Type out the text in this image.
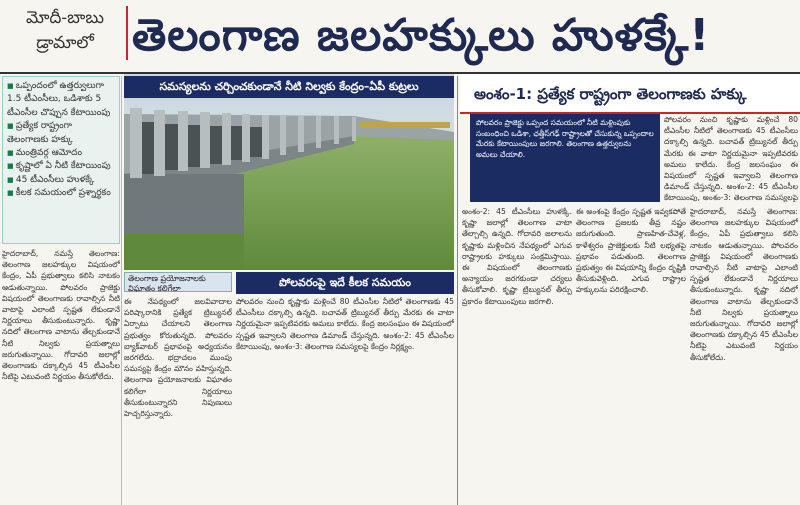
మోదీ-బాబు డ్రామాలో తెలంగాణ జలహక్కులు హుళక్కే!
■ ఒప్పందంలో ఉత్తర్వులుగా 1.5 టీఎంసీలు, ఒడిశాకు 5 టీఎంసీల చొప్పున కేటాయింపు
■ ప్రత్యేక రాష్ట్రంగా తెలంగాణకు హక్కు
■ మంత్రివర్గ ఆమోదం
■ కృష్ణాలో ఏ నీటి కేటాయింపు
■ 45 టీఎంసీలు హుళక్కే
■ కీలక సమయంలో ప్రశ్నార్థకం
సమస్యలను చర్చించకుండానే నీటి నిల్వకు కేంద్రం–ఏపీ కుట్రలు
తెలంగాణ ప్రయోజనాలకు విఘాతం కలిగేలా	పోలవరంపై ఇదే కీలక సమయం
అంశం-1: ప్రత్యేక రాష్ట్రంగా తెలంగాణకు హక్కు
పోలవరం ప్రాజెక్టు ఒప్పంద సమయంలో నీటి మళ్లింపుకు సంబంధించి ఒడిశా, ఛత్తీస్‌గఢ్ రాష్ట్రాలతో చేసుకున్న ఒప్పందాల మేరకు కేటాయింపులు జరగాలి. తెలంగాణ ఉత్తర్వులను అమలు చేయాలి.
హైదరాబాద్, నమస్తే తెలంగాణ: తెలంగాణ జలహక్కుల విషయంలో కేంద్రం, ఏపీ ప్రభుత్వాలు కలిసి నాటకం ఆడుతున్నాయి. పోలవరం ప్రాజెక్టు విషయంలో తెలంగాణకు రావాల్సిన నీటి వాటాపై ఎలాంటి స్పష్టత లేకుండానే నిర్ణయాలు తీసుకుంటున్నారు. కృష్ణా నదిలో తెలంగాణ వాటాను తేల్చకుండానే నీటి నిల్వకు ప్రయత్నాలు జరుగుతున్నాయి. గోదావరి జలాల్లో తెలంగాణకు దక్కాల్సిన 45 టీఎంసీల నీటిపై ఎటువంటి నిర్ణయం తీసుకోలేదు.
ఈ నేపథ్యంలో జలవివాదాల పరిష్కారానికి ప్రత్యేక ట్రిబ్యునల్ ఏర్పాటు చేయాలని తెలంగాణ ప్రభుత్వం కోరుతున్నది. పోలవరం బ్యాక్‌వాటర్ ప్రభావంపై అధ్యయనం జరగలేదు. భద్రాచలం ముంపు సమస్యపై కేంద్రం మౌనం వహిస్తున్నది. తెలంగాణ ప్రయోజనాలకు విఘాతం కలిగేలా నిర్ణయాలు తీసుకుంటున్నారని నిపుణులు హెచ్చరిస్తున్నారు.
పోలవరం నుంచి కృష్ణాకు మళ్లించే 80 టీఎంసీల నీటిలో తెలంగాణకు 45 టీఎంసీలు దక్కాల్సి ఉన్నది. బచావత్ ట్రిబ్యునల్ తీర్పు మేరకు ఈ వాటా నిర్ణయమైనా ఇప్పటివరకు అమలు కాలేదు. కేంద్ర జలసంఘం ఈ విషయంలో స్పష్టత ఇవ్వాలని తెలంగాణ డిమాండ్ చేస్తున్నది. అంశం-2: 45 టీఎంసీల కేటాయింపు, అంశం-3: తెలంగాణ సమస్యలపై కేంద్రం నిర్లక్ష్యం.
అంశం-2: 45 టీఎంసీలు హుళక్కే. కృష్ణా జలాల్లో తెలంగాణ వాటా తేల్చాల్సి ఉన్నది. గోదావరి జలాలను కృష్ణాకు మళ్లించిన నేపథ్యంలో ఎగువ రాష్ట్రాలకు హక్కులు సంక్రమిస్తాయి. ఈ విషయంలో తెలంగాణకు అన్యాయం జరగకుండా చర్యలు తీసుకోవాలి. కృష్ణా ట్రిబ్యునల్ తీర్పు ప్రకారం కేటాయింపులు జరగాలి.
ఈ అంశంపై కేంద్రం స్పష్టత ఇవ్వకపోతే తెలంగాణ ప్రజలకు తీవ్ర నష్టం జరుగుతుంది. ప్రాణహిత-చేవెళ్ల, కాళేశ్వరం ప్రాజెక్టులకు నీటి లభ్యతపై ప్రభావం పడుతుంది. తెలంగాణ ప్రభుత్వం ఈ విషయాన్ని కేంద్రం దృష్టికి తీసుకువెళ్లింది. ఎగువ రాష్ట్రాల హక్కులను పరిరక్షించాలి.
పోలవరం నుంచి కృష్ణాకు మళ్లించే 80 టీఎంసీల నీటిలో తెలంగాణకు 45 టీఎంసీలు దక్కాల్సి ఉన్నది. బచావత్ ట్రిబ్యునల్ తీర్పు మేరకు ఈ వాటా నిర్ణయమైనా ఇప్పటివరకు అమలు కాలేదు. కేంద్ర జలసంఘం ఈ విషయంలో స్పష్టత ఇవ్వాలని తెలంగాణ డిమాండ్ చేస్తున్నది. అంశం-2: 45 టీఎంసీల కేటాయింపు, అంశం-3: తెలంగాణ సమస్యలపై
హైదరాబాద్, నమస్తే తెలంగాణ: తెలంగాణ జలహక్కుల విషయంలో కేంద్రం, ఏపీ ప్రభుత్వాలు కలిసి నాటకం ఆడుతున్నాయి. పోలవరం ప్రాజెక్టు విషయంలో తెలంగాణకు రావాల్సిన నీటి వాటాపై ఎలాంటి స్పష్టత లేకుండానే నిర్ణయాలు తీసుకుంటున్నారు. కృష్ణా నదిలో తెలంగాణ వాటాను తేల్చకుండానే నీటి నిల్వకు ప్రయత్నాలు జరుగుతున్నాయి. గోదావరి జలాల్లో తెలంగాణకు దక్కాల్సిన 45 టీఎంసీల నీటిపై ఎటువంటి నిర్ణయం తీసుకోలేదు.
